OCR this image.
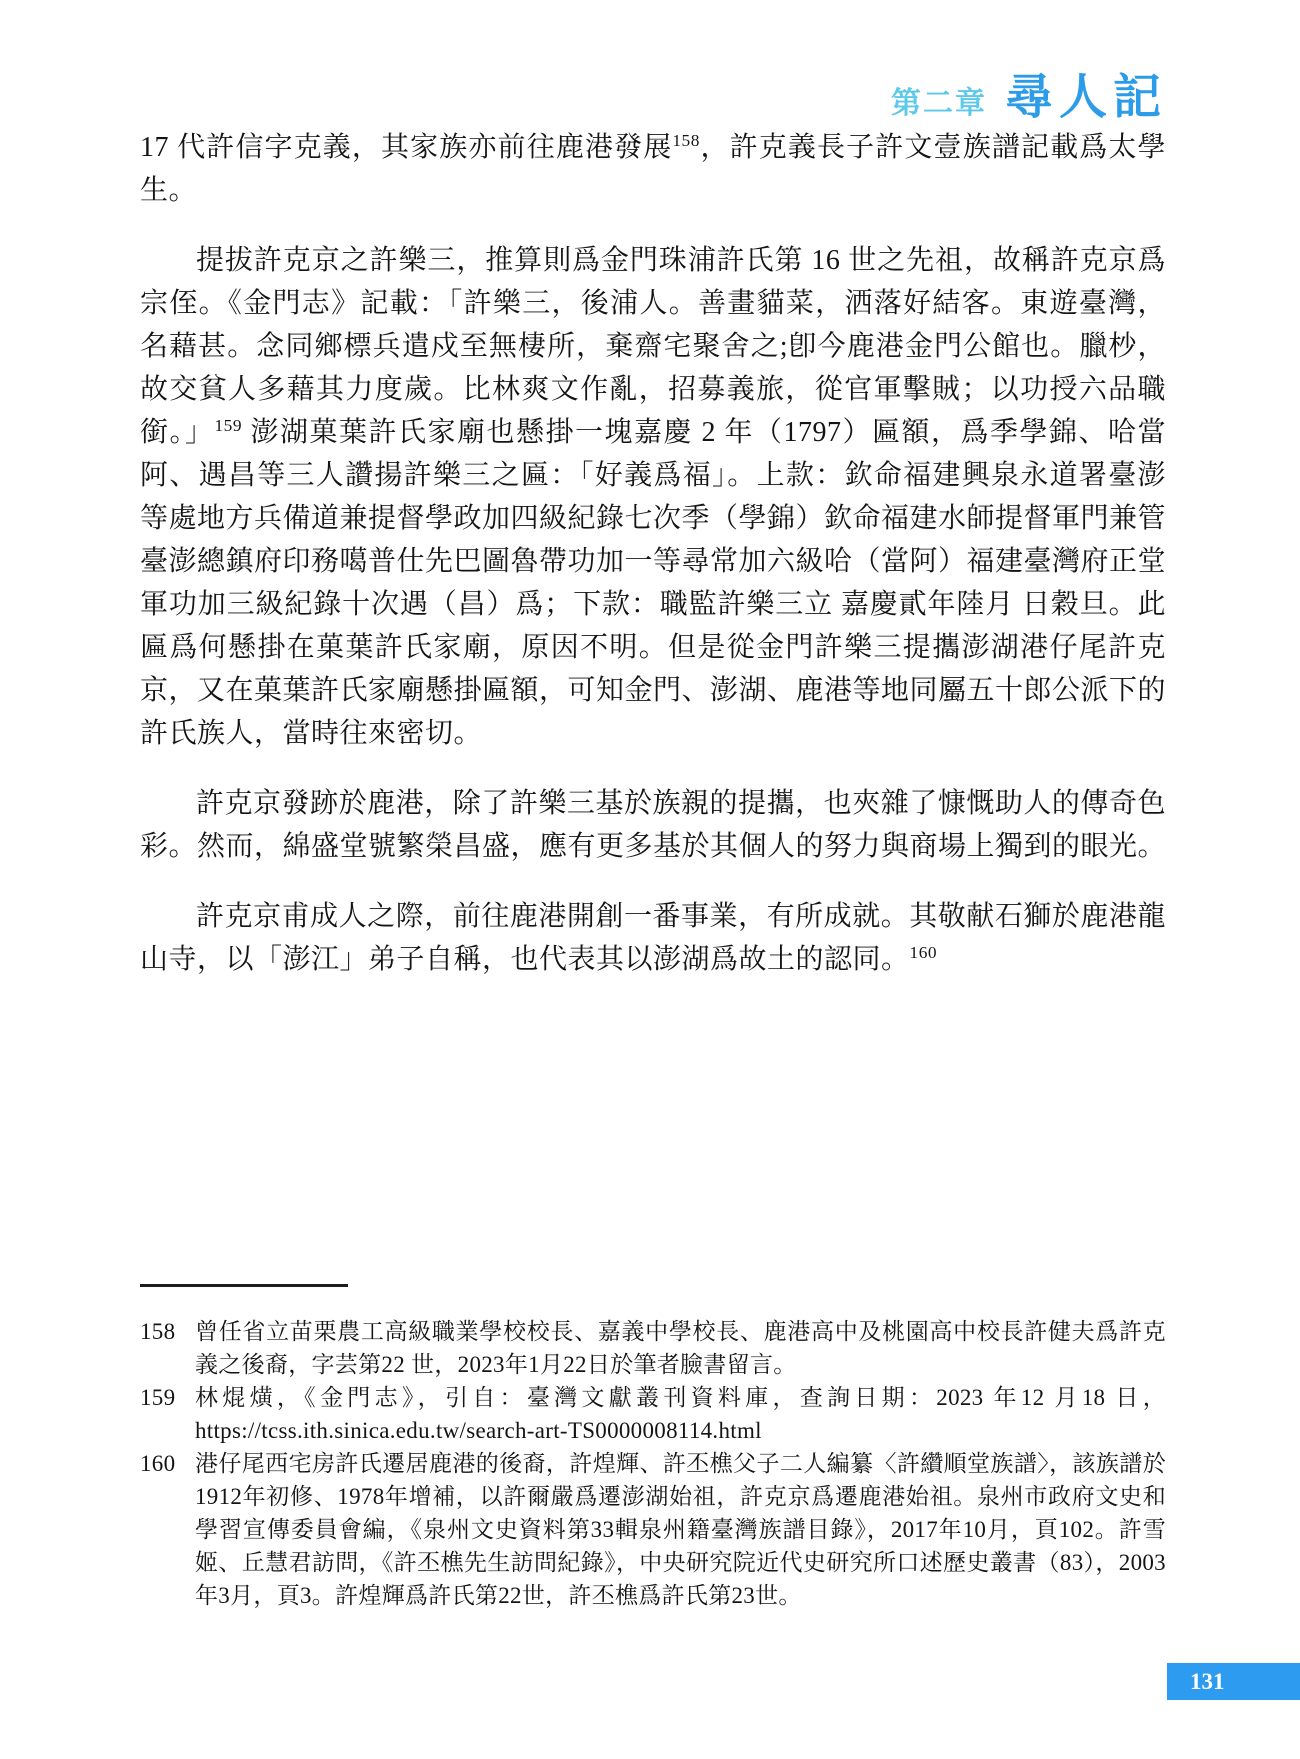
第二章 尋人記

17 代許信字克義，其家族亦前往鹿港發展$^{158}$，許克義長子許文壹族譜記載爲太學生。

提拔許克京之許樂三，推算則爲金門珠浦許氏第 16 世之先祖，故稱許克京爲宗侄。《金門志》記載：「許樂三，後浦人。善畫貓菜，洒落好結客。東遊臺灣，名藉甚。念同鄉標兵遣戍至無棲所，棄齋宅聚舍之;卽今鹿港金門公館也。臘杪，故交貧人多藉其力度歲。比林爽文作亂，招募義旅，從官軍擊賊；以功授六品職銜。」$^{159}$ 澎湖菓葉許氏家廟也懸掛一塊嘉慶 2 年（1797）匾額，爲季學錦、哈當阿、遇昌等三人讚揚許樂三之匾：「好義爲福」。上款：欽命福建興泉永道署臺澎等處地方兵備道兼提督學政加四級紀錄七次季（學錦）欽命福建水師提督軍門兼管臺澎總鎮府印務噶普仕先巴圖魯帶功加一等尋常加六級哈（當阿）福建臺灣府正堂軍功加三級紀錄十次遇（昌）爲；下款：職監許樂三立 嘉慶貳年陸月 日穀旦。此匾爲何懸掛在菓葉許氏家廟，原因不明。但是從金門許樂三提攜澎湖港仔尾許克京，又在菓葉許氏家廟懸掛匾額，可知金門、澎湖、鹿港等地同屬五十郎公派下的許氏族人，當時往來密切。

許克京發跡於鹿港，除了許樂三基於族親的提攜，也夾雜了慷慨助人的傳奇色彩。然而，綿盛堂號繁榮昌盛，應有更多基於其個人的努力與商場上獨到的眼光。

許克京甫成人之際，前往鹿港開創一番事業，有所成就。其敬献石獅於鹿港龍山寺，以「澎江」弟子自稱，也代表其以澎湖爲故土的認同。$^{160}$

158 曾任省立苗栗農工高級職業學校校長、嘉義中學校長、鹿港高中及桃園高中校長許健夫爲許克義之後裔，字芸第22 世，2023年1月22日於筆者臉書留言。
159 林焜熿，《金門志》，引自：臺灣文獻叢刊資料庫，查詢日期：2023 年12 月18 日，https://tcss.ith.sinica.edu.tw/search-art-TS0000008114.html
160 港仔尾西宅房許氏遷居鹿港的後裔，許煌輝、許丕樵父子二人編纂〈許纘順堂族譜〉，該族譜於1912年初修、1978年增補，以許爾嚴爲遷澎湖始祖，許克京爲遷鹿港始祖。泉州市政府文史和學習宣傳委員會編，《泉州文史資料第33輯泉州籍臺灣族譜目錄》，2017年10月，頁102。許雪姬、丘慧君訪問，《許丕樵先生訪問紀錄》，中央研究院近代史研究所口述歷史叢書（83），2003年3月，頁3。許煌輝爲許氏第22世，許丕樵爲許氏第23世。
131
